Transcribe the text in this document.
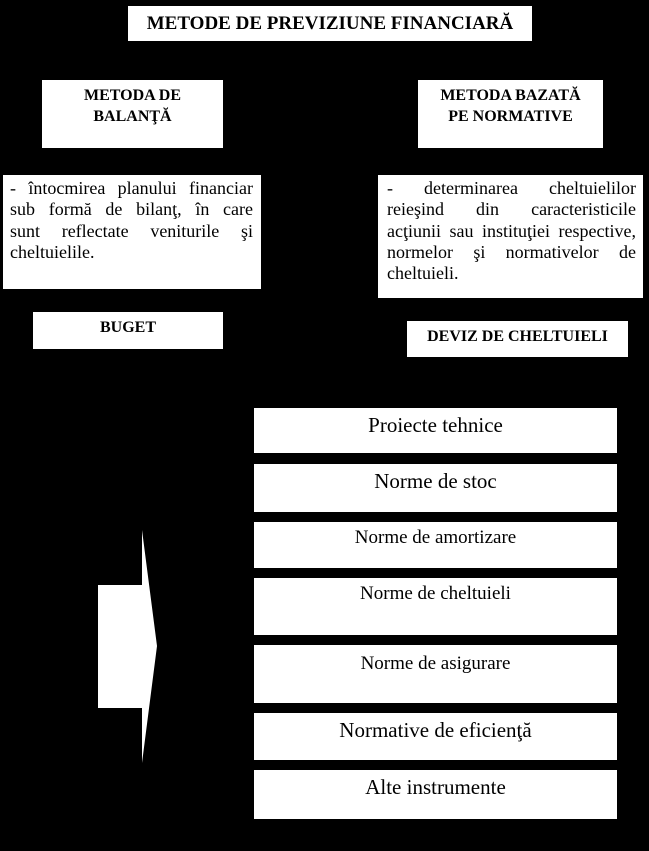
METODE DE PREVIZIUNE FINANCIARĂ
METODA DE
BALANŢĂ
METODA BAZATĂ
PE NORMATIVE
- întocmirea planului financiar
sub formă de bilanţ, în care
sunt reflectate veniturile şi
cheltuielile.
- determinarea cheltuielilor
reieşind din caracteristicile
acţiunii sau instituţiei respective,
normelor şi normativelor de
cheltuieli.
BUGET
DEVIZ DE CHELTUIELI
Proiecte tehnice
Norme de stoc
Norme de amortizare
Norme de cheltuieli
Norme de asigurare
Normative de eficienţă
Alte instrumente
